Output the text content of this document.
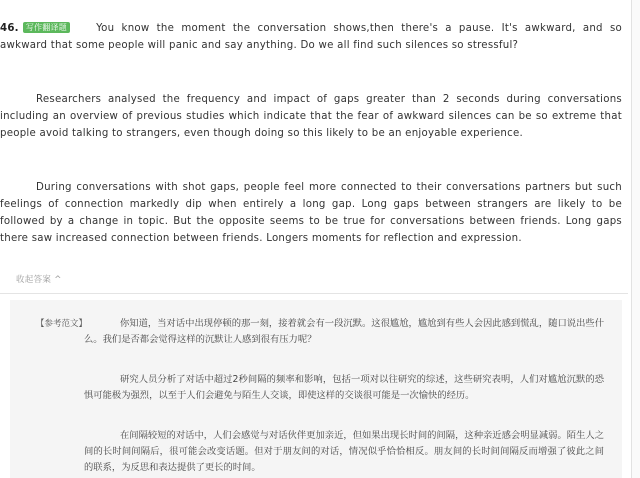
46. 写作翻译题	You know the moment the conversation shows,then there's a pause. It's awkward, and so awkward that some people will panic and say anything. Do we all find such silences so stressful?

Researchers analysed the frequency and impact of gaps greater than 2 seconds during conversations including an overview of previous studies which indicate that the fear of awkward silences can be so extreme that people avoid talking to strangers, even though doing so this likely to be an enjoyable experience.

During conversations with shot gaps, people feel more connected to their conversations partners but such feelings of connection markedly dip when entirely a long gap. Long gaps between strangers are likely to be followed by a change in topic. But the opposite seems to be true for conversations between friends. Long gaps there saw increased connection between friends. Longers moments for reflection and expression.

收起答案 ^
【参考范文】	你知道，当对话中出现停顿的那一刻，接着就会有一段沉默。这很尴尬，尴尬到有些人会因此感到慌乱，随口说出些什么。我们是否都会觉得这样的沉默让人感到很有压力呢？

研究人员分析了对话中超过2秒间隔的频率和影响，包括一项对以往研究的综述，这些研究表明，人们对尴尬沉默的恐惧可能极为强烈，以至于人们会避免与陌生人交谈，即使这样的交谈很可能是一次愉快的经历。

在间隔较短的对话中，人们会感觉与对话伙伴更加亲近，但如果出现长时间的间隔，这种亲近感会明显减弱。陌生人之间的长时间间隔后，很可能会改变话题。但对于朋友间的对话，情况似乎恰恰相反。朋友间的长时间间隔反而增强了彼此之间的联系，为反思和表达提供了更长的时间。
